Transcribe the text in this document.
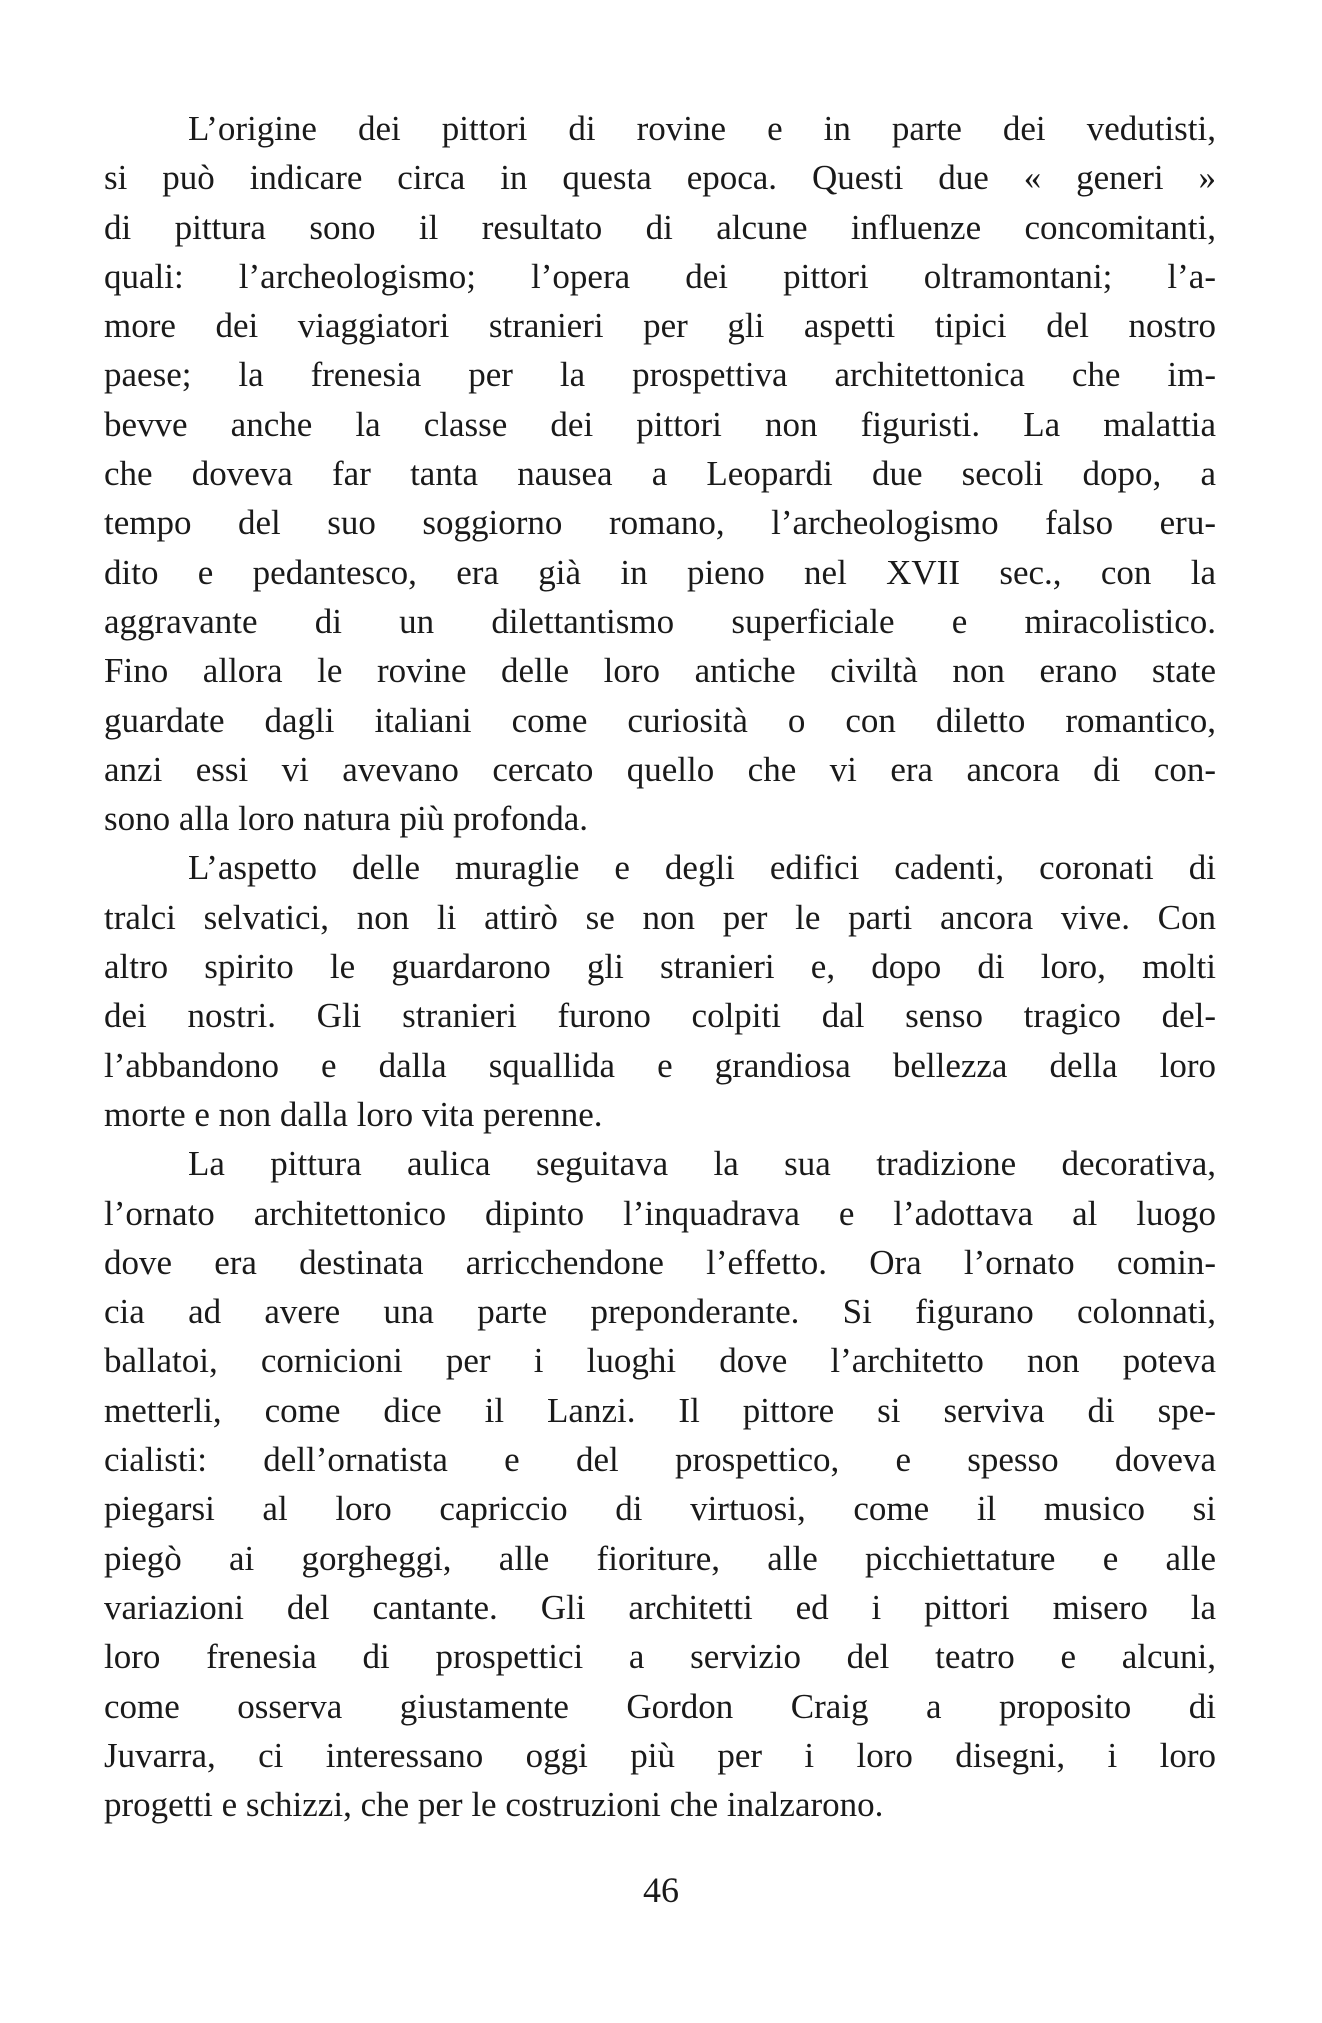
L’origine dei pittori di rovine e in parte dei vedutisti,
si può indicare circa in questa epoca. Questi due « generi »
di pittura sono il resultato di alcune influenze concomitanti,
quali: l’archeologismo; l’opera dei pittori oltramontani; l’a-
more dei viaggiatori stranieri per gli aspetti tipici del nostro
paese; la frenesia per la prospettiva architettonica che im-
bevve anche la classe dei pittori non figuristi. La malattia
che doveva far tanta nausea a Leopardi due secoli dopo, a
tempo del suo soggiorno romano, l’archeologismo falso eru-
dito e pedantesco, era già in pieno nel XVII sec., con la
aggravante di un dilettantismo superficiale e miracolistico.
Fino allora le rovine delle loro antiche civiltà non erano state
guardate dagli italiani come curiosità o con diletto romantico,
anzi essi vi avevano cercato quello che vi era ancora di con-
sono alla loro natura più profonda.
L’aspetto delle muraglie e degli edifici cadenti, coronati di
tralci selvatici, non li attirò se non per le parti ancora vive. Con
altro spirito le guardarono gli stranieri e, dopo di loro, molti
dei nostri. Gli stranieri furono colpiti dal senso tragico del-
l’abbandono e dalla squallida e grandiosa bellezza della loro
morte e non dalla loro vita perenne.
La pittura aulica seguitava la sua tradizione decorativa,
l’ornato architettonico dipinto l’inquadrava e l’adottava al luogo
dove era destinata arricchendone l’effetto. Ora l’ornato comin-
cia ad avere una parte preponderante. Si figurano colonnati,
ballatoi, cornicioni per i luoghi dove l’architetto non poteva
metterli, come dice il Lanzi. Il pittore si serviva di spe-
cialisti: dell’ornatista e del prospettico, e spesso doveva
piegarsi al loro capriccio di virtuosi, come il musico si
piegò ai gorgheggi, alle fioriture, alle picchiettature e alle
variazioni del cantante. Gli architetti ed i pittori misero la
loro frenesia di prospettici a servizio del teatro e alcuni,
come osserva giustamente Gordon Craig a proposito di
Juvarra, ci interessano oggi più per i loro disegni, i loro
progetti e schizzi, che per le costruzioni che inalzarono.
46
